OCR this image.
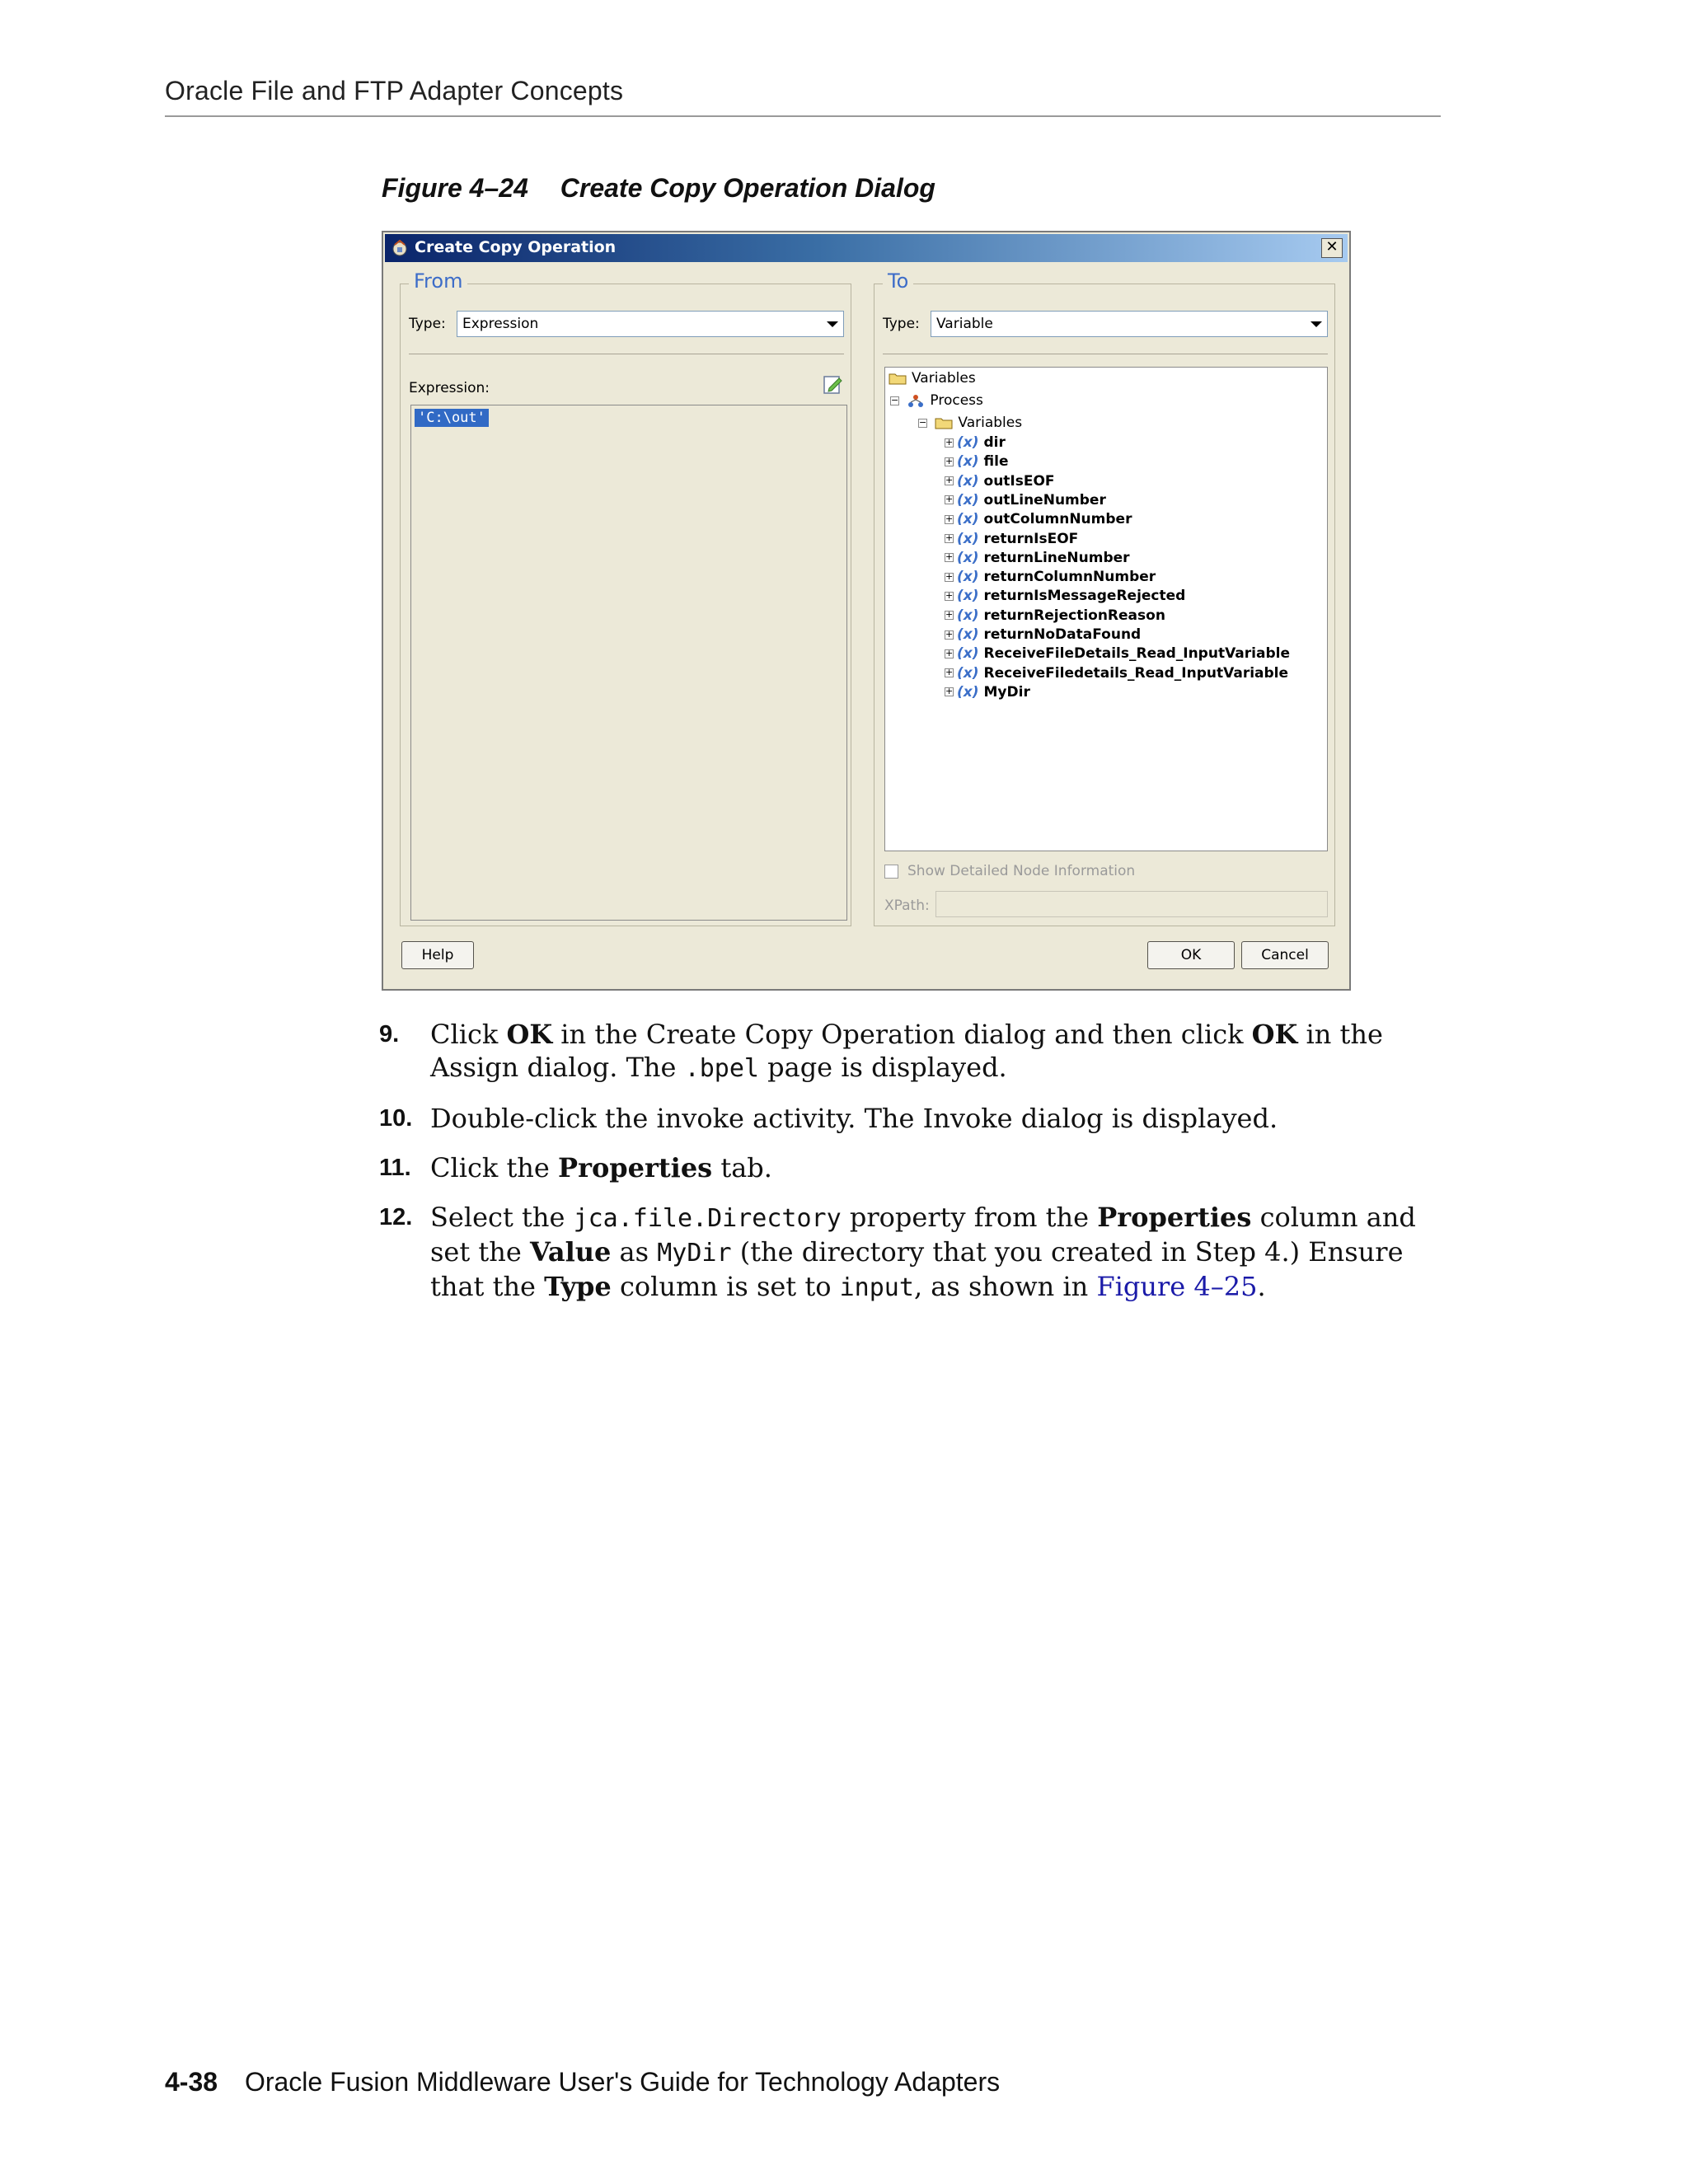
Oracle File and FTP Adapter Concepts
Figure 4–24 Create Copy Operation Dialog
Create Copy Operation	✕
From
Type:	Expression
Expression:
'C:\out'
To
Type:	Variable
Variables
− Process
− Variables
+ (x) dir
+ (x) file
+ (x) outIsEOF
+ (x) outLineNumber
+ (x) outColumnNumber
+ (x) returnIsEOF
+ (x) returnLineNumber
+ (x) returnColumnNumber
+ (x) returnIsMessageRejected
+ (x) returnRejectionReason
+ (x) returnNoDataFound
+ (x) ReceiveFileDetails_Read_InputVariable
+ (x) ReceiveFiledetails_Read_InputVariable
+ (x) MyDir
Show Detailed Node Information
XPath:
Help	OK	Cancel
9. Click OK in the Create Copy Operation dialog and then click OK in the Assign dialog. The .bpel page is displayed.
10. Double-click the invoke activity. The Invoke dialog is displayed.
11. Click the Properties tab.
12. Select the jca.file.Directory property from the Properties column and set the Value as MyDir (the directory that you created in Step 4.) Ensure that the Type column is set to input, as shown in Figure 4–25.
4-38 Oracle Fusion Middleware User's Guide for Technology Adapters
